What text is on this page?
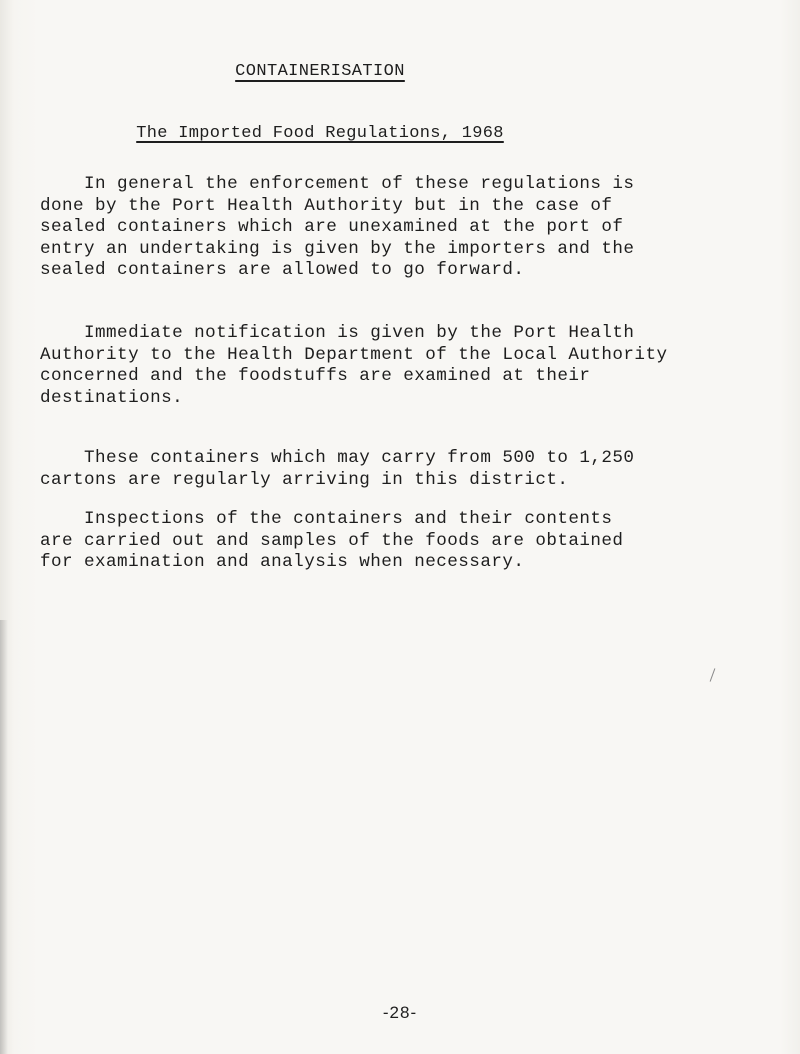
CONTAINERISATION
The Imported Food Regulations, 1968

In general the enforcement of these regulations is
done by the Port Health Authority but in the case of
sealed containers which are unexamined at the port of
entry an undertaking is given by the importers and the
sealed containers are allowed to go forward.

Immediate notification is given by the Port Health
Authority to the Health Department of the Local Authority
concerned and the foodstuffs are examined at their
destinations.

These containers which may carry from 500 to 1,250
cartons are regularly arriving in this district.

Inspections of the containers and their contents
are carried out and samples of the foods are obtained
for examination and analysis when necessary.

-28-
